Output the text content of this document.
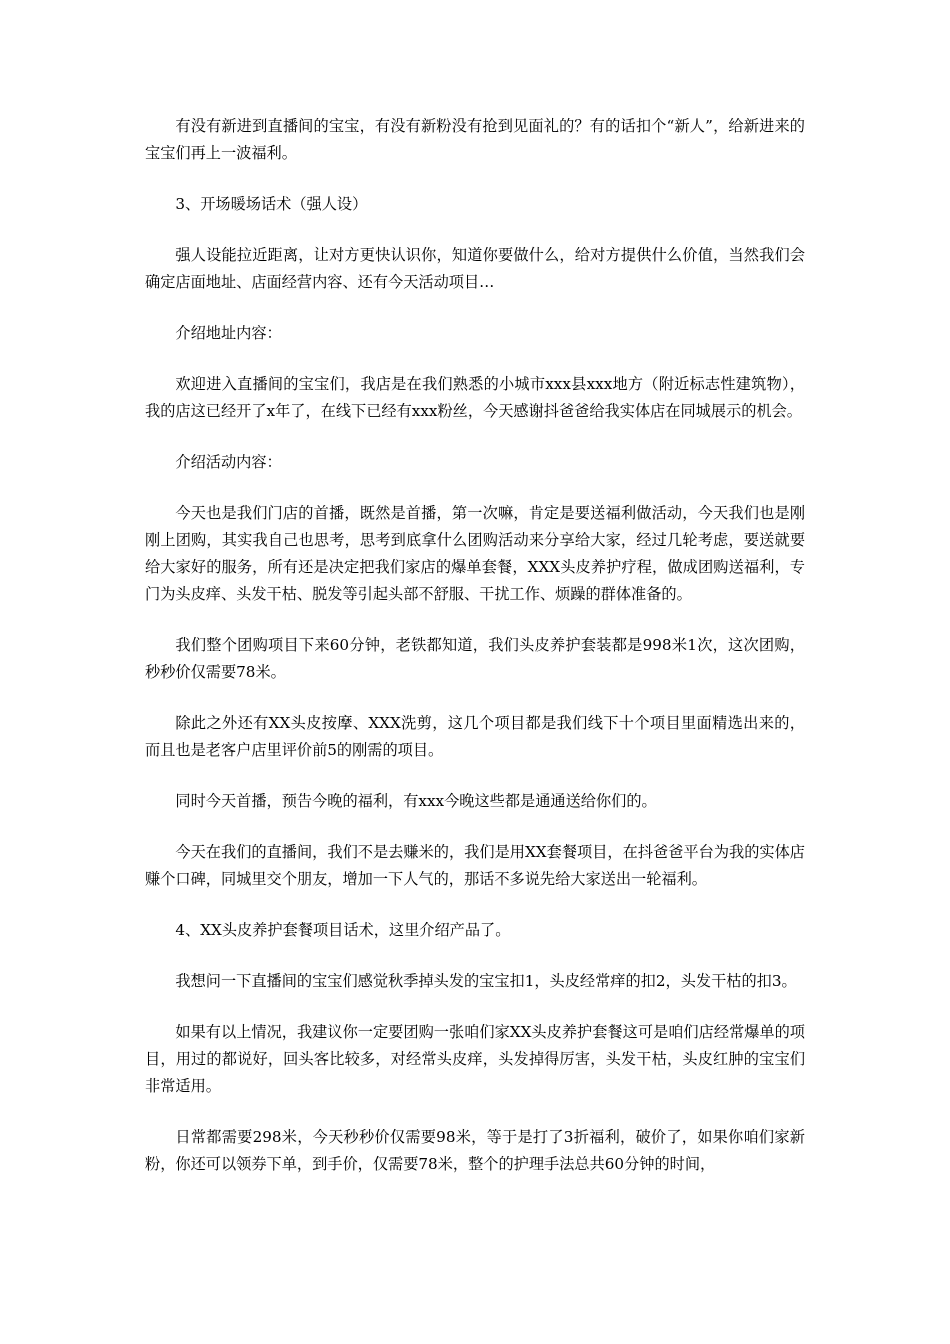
有没有新进到直播间的宝宝，有没有新粉没有抢到见面礼的？有的话扣个“新人”，给新进来的宝宝们再上一波福利。

3、开场暖场话术（强人设）

强人设能拉近距离，让对方更快认识你，知道你要做什么，给对方提供什么价值，当然我们会确定店面地址、店面经营内容、还有今天活动项目…

介绍地址内容：

欢迎进入直播间的宝宝们，我店是在我们熟悉的小城市xxx县xxx地方（附近标志性建筑物），我的店这已经开了x年了，在线下已经有xxx粉丝，今天感谢抖爸爸给我实体店在同城展示的机会。

介绍活动内容：

今天也是我们门店的首播，既然是首播，第一次嘛，肯定是要送福利做活动，今天我们也是刚刚上团购，其实我自己也思考，思考到底拿什么团购活动来分享给大家，经过几轮考虑，要送就要给大家好的服务，所有还是决定把我们家店的爆单套餐，XXX头皮养护疗程，做成团购送福利，专门为头皮痒、头发干枯、脱发等引起头部不舒服、干扰工作、烦躁的群体准备的。

我们整个团购项目下来60分钟，老铁都知道，我们头皮养护套装都是998米1次，这次团购，秒秒价仅需要78米。

除此之外还有XX头皮按摩、XXX洗剪，这几个项目都是我们线下十个项目里面精选出来的，而且也是老客户店里评价前5的刚需的项目。

同时今天首播，预告今晚的福利，有xxx今晚这些都是通通送给你们的。

今天在我们的直播间，我们不是去赚米的，我们是用XX套餐项目，在抖爸爸平台为我的实体店赚个口碑，同城里交个朋友，增加一下人气的，那话不多说先给大家送出一轮福利。

4、XX头皮养护套餐项目话术，这里介绍产品了。

我想问一下直播间的宝宝们感觉秋季掉头发的宝宝扣1，头皮经常痒的扣2，头发干枯的扣3。

如果有以上情况，我建议你一定要团购一张咱们家XX头皮养护套餐这可是咱们店经常爆单的项目，用过的都说好，回头客比较多，对经常头皮痒，头发掉得厉害，头发干枯，头皮红肿的宝宝们非常适用。

日常都需要298米，今天秒秒价仅需要98米，等于是打了3折福利，破价了，如果你咱们家新粉，你还可以领券下单，到手价，仅需要78米，整个的护理手法总共60分钟的时间，
